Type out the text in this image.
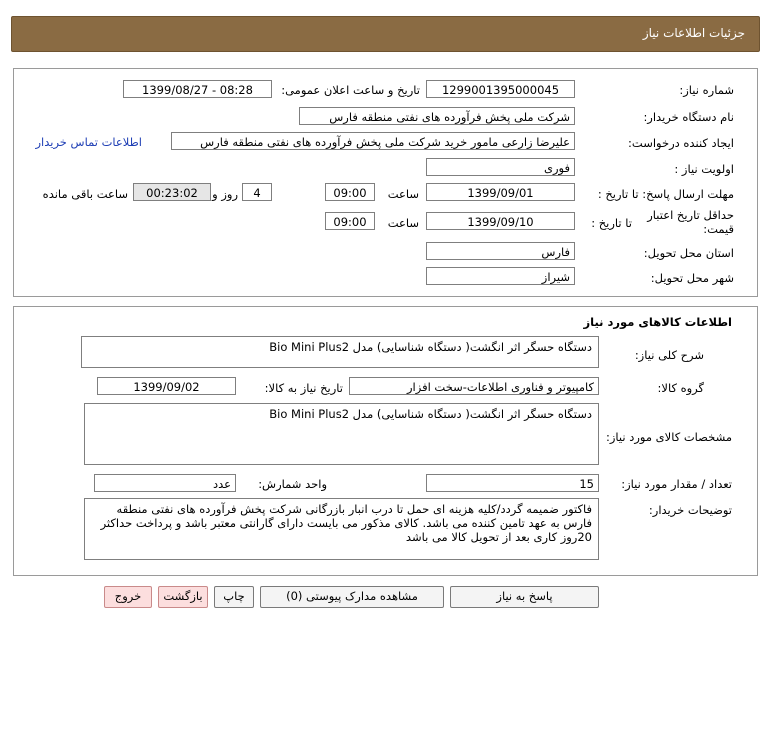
جزئیات اطلاعات نیاز
شماره نیاز:
1299001395000045
تاریخ و ساعت اعلان عمومی:
1399/08/27 - 08:28
نام دستگاه خریدار:
شرکت ملی پخش فرآورده های نفتی منطقه فارس
ایجاد کننده درخواست:
علیرضا زارعی مامور خرید شرکت ملی پخش فرآورده های نفتی منطقه فارس
اطلاعات تماس خریدار
اولویت نیاز :
فوری
مهلت ارسال پاسخ: تا تاریخ :
1399/09/01
ساعت
09:00
4
روز و
00:23:02
ساعت باقی مانده
حداقل تاریخ اعتبار قیمت:
تا تاریخ :
1399/09/10
ساعت
09:00
استان محل تحویل:
فارس
شهر محل تحویل:
شیراز
اطلاعات کالاهای مورد نیاز
شرح کلی نیاز:
دستگاه حسگر اثر انگشت( دستگاه شناسایی) مدل Bio Mini Plus2
گروه کالا:
کامپیوتر و فناوری اطلاعات-سخت افزار
تاریخ نیاز به کالا:
1399/09/02
مشخصات کالای مورد نیاز:
دستگاه حسگر اثر انگشت( دستگاه شناسایی) مدل Bio Mini Plus2
تعداد / مقدار مورد نیاز:
15
واحد شمارش:
عدد
توضیحات خریدار:
فاکتور ضمیمه گردد/کلیه هزینه ای حمل تا درب انبار بازرگانی شرکت پخش فرآورده های نفتی منطقه فارس به عهد تامین کننده می باشد. کالای مذکور می بایست دارای گارانتی معتبر باشد و پرداخت حداکثر 20روز کاری بعد از تحویل کالا می باشد
پاسخ به نیاز
مشاهده مدارک پیوستی (0)
چاپ
بازگشت
خروج
